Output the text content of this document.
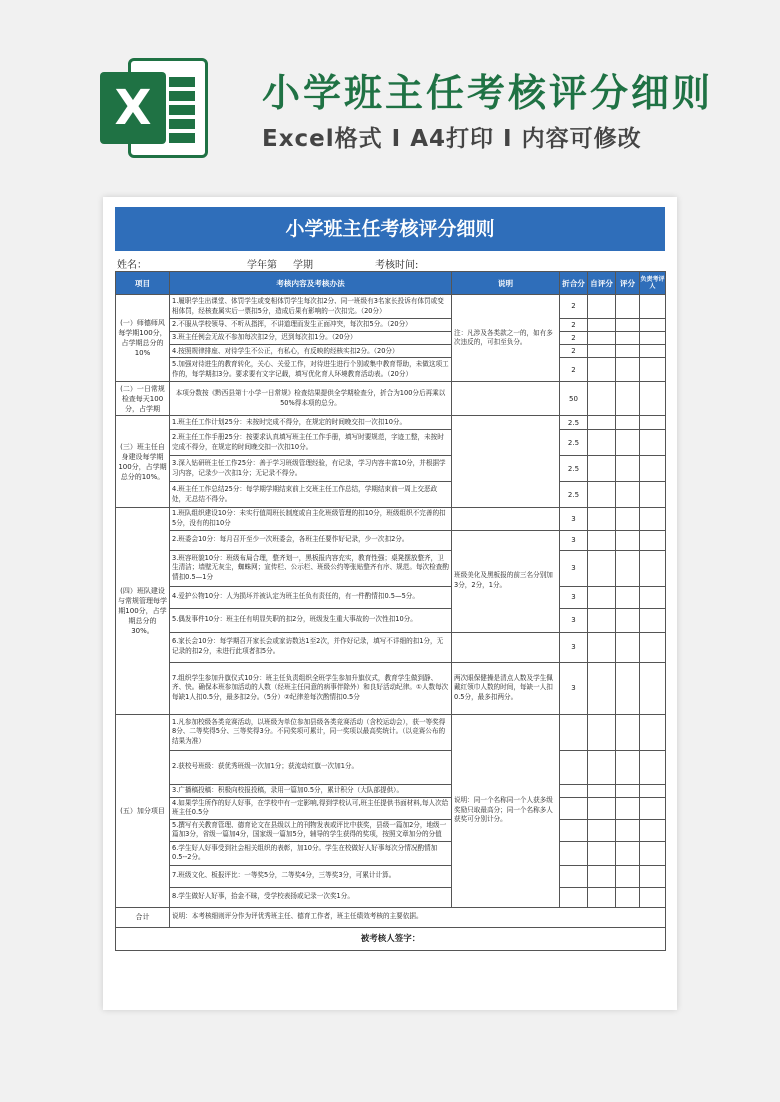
X	小学班主任考核评分细则
Excel格式 I A4打印 I 内容可修改
小学班主任考核评分细则
姓名：	学年第 学期	考核时间:
项目	考核内容及考核办法	说明	折合分	自评分	评分	负责考评人
(一）师德师风每学期100分，占学期总分的10%	1.履职学生出课堂、体罚学生或变相体罚学生每次扣2分、同一班级有3名家长投诉有体罚或变相体罚，经核查属实后一票扣5分，造成后果有影响的一次扣完。（20分）	注：凡涉及各类款之一的，如有多次违反的，可扣至负分。	2			
	2.不服从学校领导、不听从指挥，不讲道理而发生正面冲突，每次扣5分。（20分）		2			
	3.班主任例会无故不参加每次扣2分，迟到每次扣1分。（20分）		2			
	4.按照规律排座、对待学生不公正，有私心，有反映的经核实扣2分。（20分）		2			
	5.加强对待进生的教育转化，关心、关爱工作，对待进生进行个别或集中教育帮助，未做这项工作的，每学期扣3分。要求要有文字记载，填写优化育人环境教育活动表。（20分）		2			
(二）一日常规检查每天100分，占学期	本项分数按《黔西县第十小学一日常规》检查结果提供全学期检查分，折合为100分后再乘以50%得本项的总分。		50			
(三）班主任自身建设每学期100分，占学期总分的10%。	1.班主任工作计划25分：未按时完成不得分，在规定的时间晚交扣一次扣10分。		2.5			
	2.班主任工作手册25分：按要求认真填写班主任工作手册，填写时要规范，字迹工整，未按时完成不得分，在规定的时间晚交扣一次扣10分。		2.5			
	3.深入钻研班主任工作25分：善于学习班级管理经验，有记录，学习内容丰富10分，并根据学习内容，记录少一次扣1分；无记录不得分。		2.5			
	4.班主任工作总结25分：每学期学期结束前上交班主任工作总结，学期结束前一周上交恶政处，无总结不得分。		2.5			
(四）班队建设与常规管理每学期100分，占学期总分的30%。	1.班队组织建设10分：未实行值周班长制度或自主化班级管理的扣10分，班级组织不完善的扣5分，没有的扣10分		3			
	2.班委会10分：每月召开至少一次班委会，各班主任要作好记录，少一次扣2分。	班级美化及黑板报的前三名分别加3分，2分，1分。	3			
	3.班容班貌10分：班级布局合理，整齐划一，黑板报内容充实，教育性强；桌凳摆放整齐，卫生清洁；墙壁无灰尘，蜘蛛网；宣传栏、公示栏、班级公约等张贴整齐有序、规范。每次检查酌情扣0.5—1分		3			
	4.爱护公物10分：人为损坏并被认定为班主任负有责任的，有一件酌情扣0.5—5分。		3			
	5.偶发事件10分：班主任有明显失职的扣2分，班级发生重大事故的一次性扣10分。		3			
	6.家长会10分：每学期召开家长会或家访数达1至2次，并作好记录，填写不详细的扣1分，无记录的扣2分，未进行此项者扣5分。		3			
	7.组织学生参加升旗仪式10分：班主任负责组织全班学生参加升旗仪式，教育学生做到静、齐、快。确保本班参加活动的人数（经班主任同意的病事伴除外）和良好活动纪律。①人数每次每缺1人扣0.5分，最多扣2分。（5分）②纪律差每次酌情扣0.5分	两次眼保健操是清点人数及学生佩戴红领巾人数的时间，每缺一人扣0.5分，最多扣两分。	3			
(五）加分项目	1.凡参加校级各类竞赛活动，以班级为单位参加县级各类竞赛活动（含校运动会），获一等奖得8分、二等奖得5分、三等奖得3分。不同奖项可累计，同一奖项以最高奖统计。（以竞赛公布的结果为准）	说明：同一个名称同一个人获多级奖励只取最高分；同一个名称多人获奖可分别计分。				
	2.获校号班级：获优秀班级一次加1分；获流动红旗一次加1分。					
	3.广播稿投稿：积极向校报投稿，录用一篇加0.5分，累计积分（大队部提供）。					
	4.如果学生所作的好人好事，在学校中有一定影响,得到学校认可,班主任提供书面材料,每人次给班主任0.5分					
	5.撰写有关教育管理、德育论文在县级以上的刊物发表或评比中获奖，县级一篇加2分，地级一篇加3分，省级一篇加4分，国家级一篇加5分，辅导的学生获得的奖项，按照文章加分的分值					
	6.学生好人好事受到社会相关组织的表彰，加10分。学生在校做好人好事每次分情况酌情加0.5--2分。					
	7.班级文化、板报评比：一等奖5分，二等奖4分，三等奖3分，可累计计算。					
	8.学生做好人好事，拾金不昧，受学校表扬或记录一次奖1分。					
合计	说明：本考核细则评分作为评优秀班主任、德育工作者，班主任绩效考核的主要依据。					
被考核人签字：						
